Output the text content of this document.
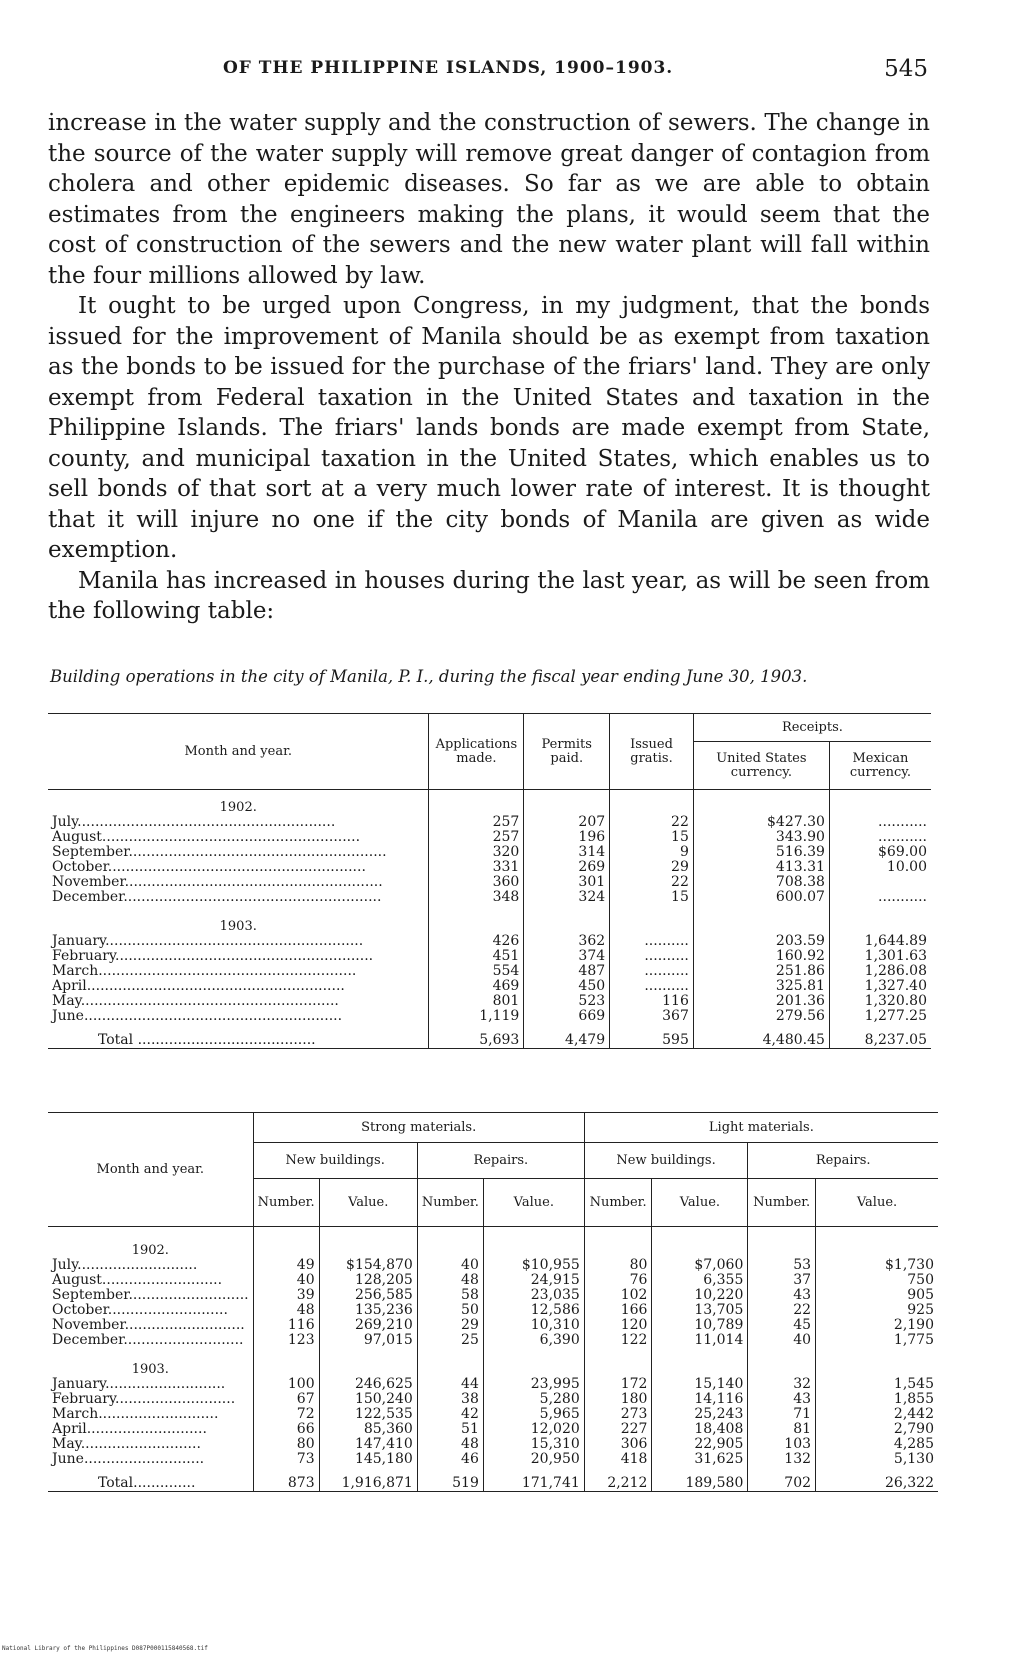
OF THE PHILIPPINE ISLANDS, 1900–1903.	545

increase in the water supply and the construction of sewers. The change in the source of the water supply will remove great danger of contagion from cholera and other epidemic diseases. So far as we are able to obtain estimates from the engineers making the plans, it would seem that the cost of construction of the sewers and the new water plant will fall within the four millions allowed by law.

It ought to be urged upon Congress, in my judgment, that the bonds issued for the improvement of Manila should be as exempt from taxation as the bonds to be issued for the purchase of the friars' land. They are only exempt from Federal taxation in the United States and taxation in the Philippine Islands. The friars' lands bonds are made exempt from State, county, and municipal taxation in the United States, which enables us to sell bonds of that sort at a very much lower rate of interest. It is thought that it will injure no one if the city bonds of Manila are given as wide exemption.

Manila has increased in houses during the last year, as will be seen from the following table:

Building operations in the city of Manila, P. I., during the fiscal year ending June 30, 1903.
Month and year.	Applications made.	Permits paid.	Issued gratis.	Receipts.	
				United States currency.	Mexican currency.
1902.					
July..........................................................	257	207	22	$427.30	...........
August..........................................................	257	196	15	343.90	...........
September..........................................................	320	314	9	516.39	$69.00
October..........................................................	331	269	29	413.31	10.00
November..........................................................	360	301	22	708.38	
December..........................................................	348	324	15	600.07	...........
1903.					
January..........................................................	426	362	..........	203.59	1,644.89
February..........................................................	451	374	..........	160.92	1,301.63
March..........................................................	554	487	..........	251.86	1,286.08
April..........................................................	469	450	..........	325.81	1,327.40
May..........................................................	801	523	116	201.36	1,320.80
June..........................................................	1,119	669	367	279.56	1,277.25
Total ........................................	5,693	4,479	595	4,480.45	8,237.05
Month and year.	Strong materials.				Light materials.			
	New buildings.		Repairs.		New buildings.		Repairs.	
	Number.	Value.	Number.	Value.	Number.	Value.	Number.	Value.
1902.								
July...........................	49	$154,870	40	$10,955	80	$7,060	53	$1,730
August...........................	40	128,205	48	24,915	76	6,355	37	750
September...........................	39	256,585	58	23,035	102	10,220	43	905
October...........................	48	135,236	50	12,586	166	13,705	22	925
November...........................	116	269,210	29	10,310	120	10,789	45	2,190
December...........................	123	97,015	25	6,390	122	11,014	40	1,775
1903.								
January...........................	100	246,625	44	23,995	172	15,140	32	1,545
February...........................	67	150,240	38	5,280	180	14,116	43	1,855
March...........................	72	122,535	42	5,965	273	25,243	71	2,442
April...........................	66	85,360	51	12,020	227	18,408	81	2,790
May...........................	80	147,410	48	15,310	306	22,905	103	4,285
June...........................	73	145,180	46	20,950	418	31,625	132	5,130
Total..............	873	1,916,871	519	171,741	2,212	189,580	702	26,322
National Library of the Philippines D087P000115840568.tif
